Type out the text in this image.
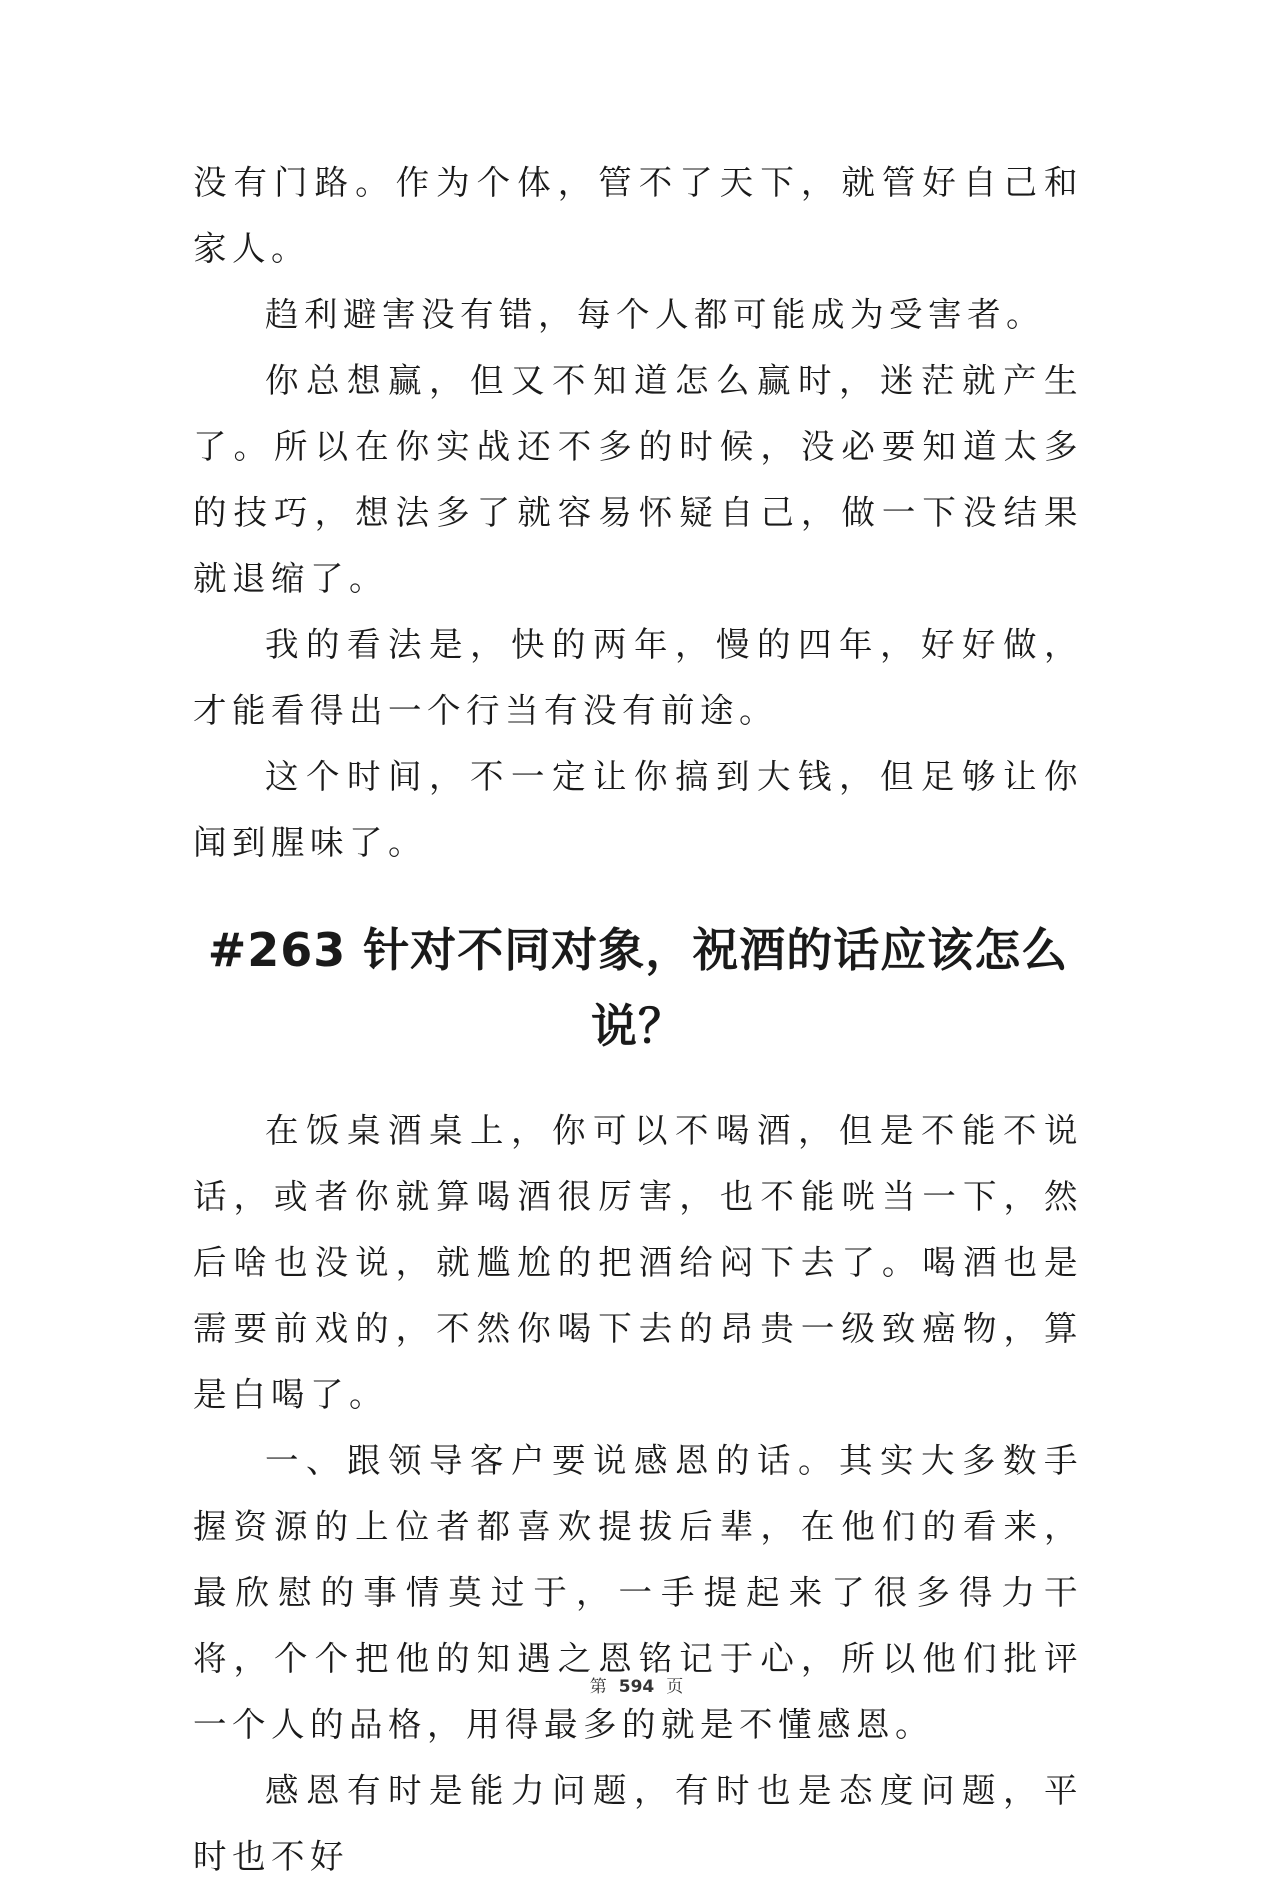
没有门路。作为个体，管不了天下，就管好自己和家人。

趋利避害没有错，每个人都可能成为受害者。

你总想赢，但又不知道怎么赢时，迷茫就产生了。所以在你实战还不多的时候，没必要知道太多的技巧，想法多了就容易怀疑自己，做一下没结果就退缩了。

我的看法是，快的两年，慢的四年，好好做，才能看得出一个行当有没有前途。

这个时间，不一定让你搞到大钱，但足够让你闻到腥味了。

#263 针对不同对象，祝酒的话应该怎么说？

在饭桌酒桌上，你可以不喝酒，但是不能不说话，或者你就算喝酒很厉害，也不能咣当一下，然后啥也没说，就尴尬的把酒给闷下去了。喝酒也是需要前戏的，不然你喝下去的昂贵一级致癌物，算是白喝了。

一、跟领导客户要说感恩的话。其实大多数手握资源的上位者都喜欢提拔后辈，在他们的看来，最欣慰的事情莫过于，一手提起来了很多得力干将，个个把他的知遇之恩铭记于心，所以他们批评一个人的品格，用得最多的就是不懂感恩。

感恩有时是能力问题，有时也是态度问题，平时也不好

第 594 页
